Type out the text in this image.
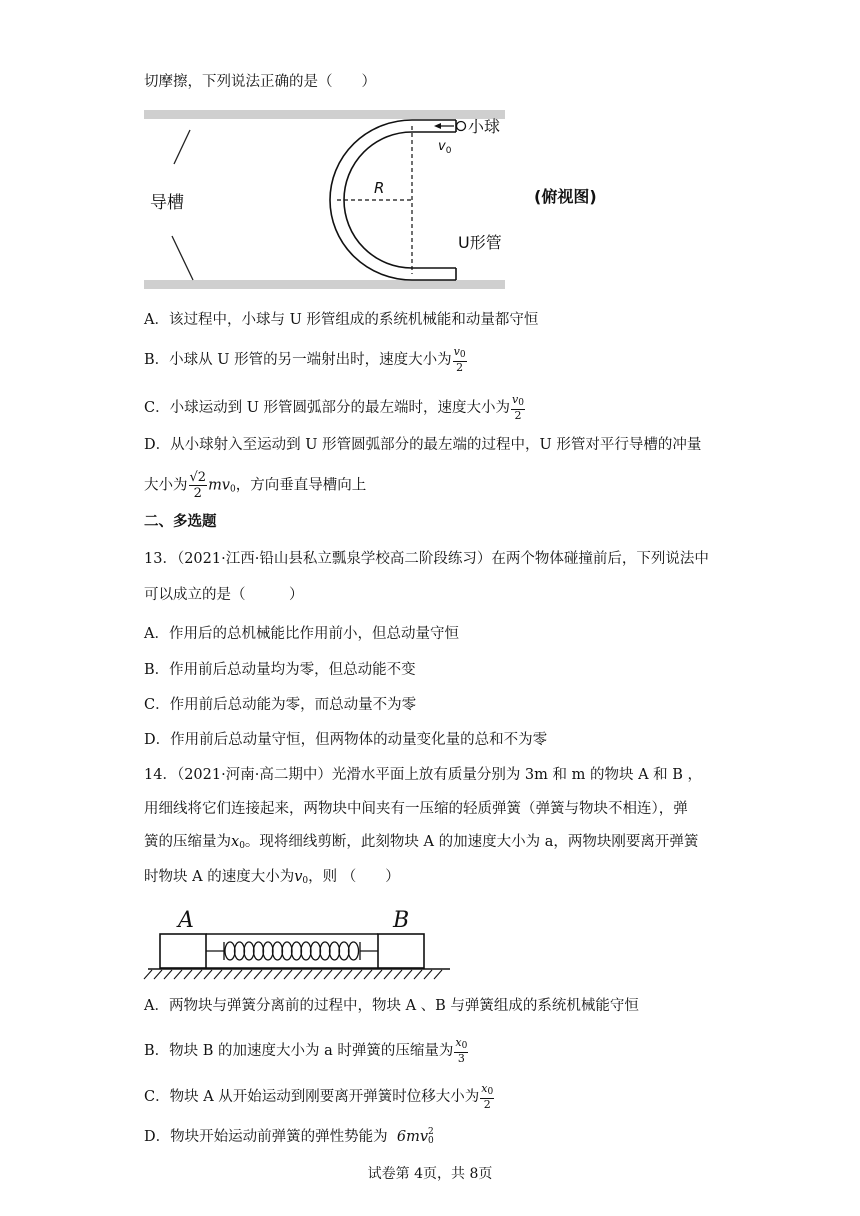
切摩擦，下列说法正确的是（　　）
导槽
小球
$v_0$
R
U形管
(俯视图)
A．该过程中，小球与 U 形管组成的系统机械能和动量都守恒
B．小球从 U 形管的另一端射出时，速度大小为 $\frac{v_0}{2}$
C．小球运动到 U 形管圆弧部分的最左端时，速度大小为 $\frac{v_0}{2}$
D．从小球射入至运动到 U 形管圆弧部分的最左端的过程中，U 形管对平行导槽的冲量
大小为 $\frac{√2}{2} mv_0$，方向垂直导槽向上
二、多选题
13．（2021·江西·铅山县私立瓢泉学校高二阶段练习）在两个物体碰撞前后，下列说法中
可以成立的是（　　　）
A．作用后的总机械能比作用前小，但总动量守恒
B．作用前后总动量均为零，但总动能不变
C．作用前后总动能为零，而总动量不为零
D．作用前后总动量守恒，但两物体的动量变化量的总和不为零
14．（2021·河南·高二期中）光滑水平面上放有质量分别为 3m 和 m 的物块 A 和 B ，
用细线将它们连接起来，两物块中间夹有一压缩的轻质弹簧（弹簧与物块不相连），弹
簧的压缩量为$x_0$。现将细线剪断，此刻物块 A 的加速度大小为 a，两物块刚要离开弹簧
时物块 A 的速度大小为$v_0$，则 （　　）
A	B
A．两物块与弹簧分离前的过程中，物块 A 、B 与弹簧组成的系统机械能守恒
B．物块 B 的加速度大小为 a 时弹簧的压缩量为 $\frac{x_0}{3}$
C．物块 A 从开始运动到刚要离开弹簧时位移大小为 $\frac{x_0}{2}$
D．物块开始运动前弹簧的弹性势能为 6mv 2
0
试卷第 4页，共 8页
